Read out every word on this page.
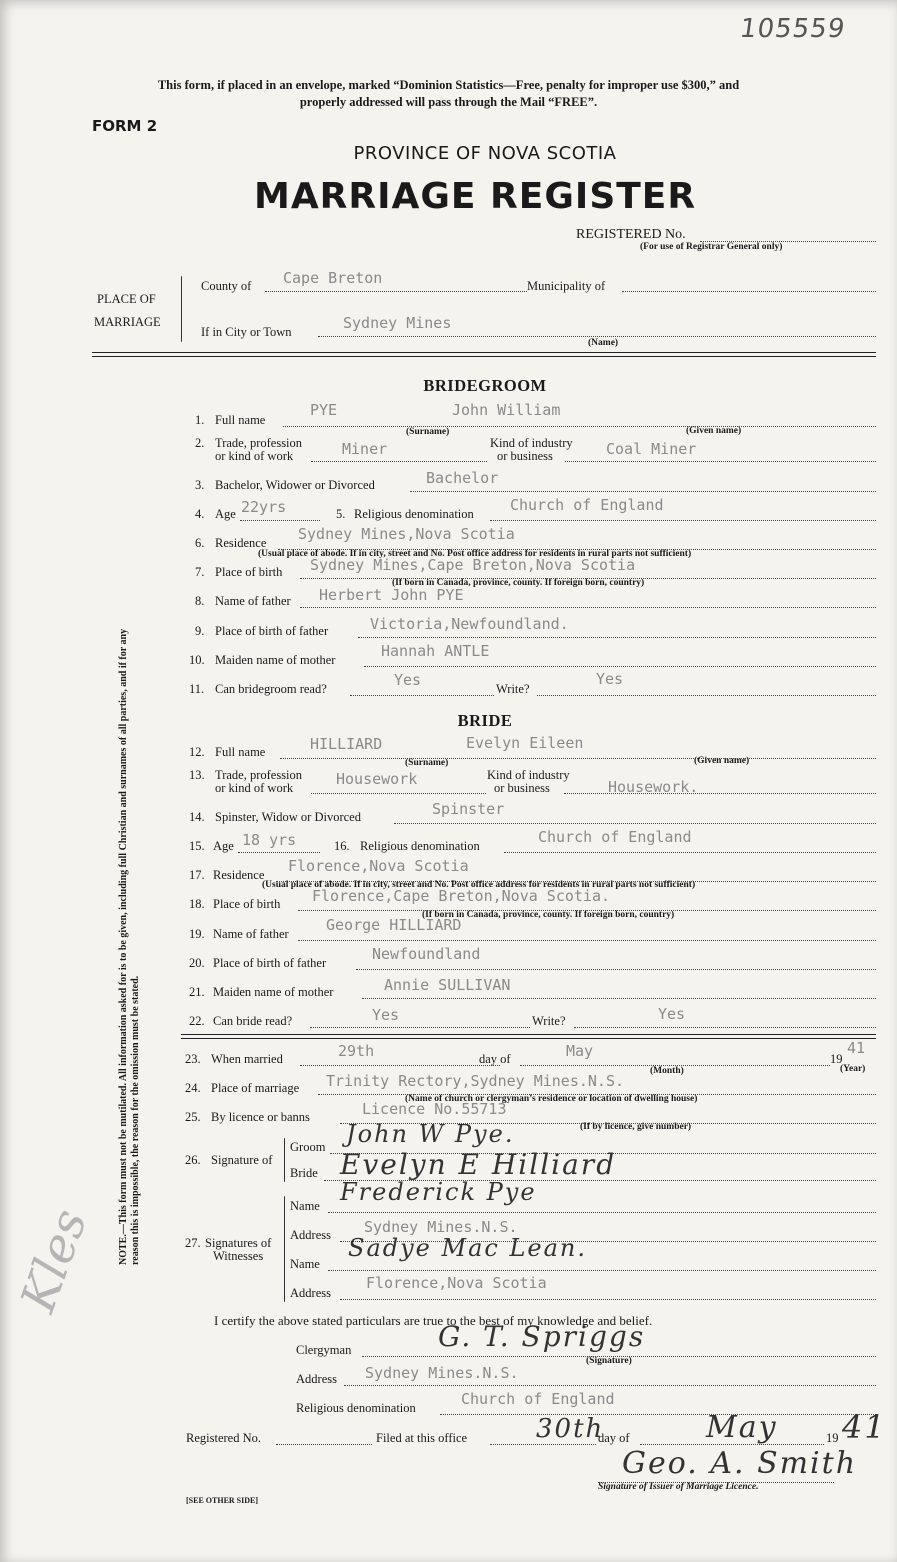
105559
This form, if placed in an envelope, marked “Dominion Statistics—Free, penalty for improper use $300,” and
properly addressed will pass through the Mail “FREE”.
FORM 2
PROVINCE OF NOVA SCOTIA
MARRIAGE REGISTER
REGISTERED No.
(For use of Registrar General only)
PLACE OF
MARRIAGE
County of Cape Breton	Municipality of
If in City or Town	Sydney Mines
(Name)
BRIDEGROOM
1. Full name
PYE	John William
(Surname)	(Given name)
2. Trade, profession
or kind of work	Miner	Kind of industry
or business	Coal Miner
3. Bachelor, Widower or Divorced	Bachelor
4. Age 22yrs	5. Religious denomination Church of England
6. Residence Sydney Mines,Nova Scotia
(Usual place of abode. If in city, street and No. Post office address for residents in rural parts not sufficient)
7. Place of birth Sydney Mines,Cape Breton,Nova Scotia
(If born in Canada, province, county. If foreign born, country)
8. Name of father Herbert John PYE
9. Place of birth of father	Victoria,Newfoundland.
10. Maiden name of mother	Hannah ANTLE
11. Can bridegroom read?	Yes	Write?
Yes
BRIDE
12. Full name	HILLIARD	Evelyn Eileen
(Surname)	(Given name)
13. Trade, profession
or kind of work	Housework	Kind of industry
or business	Housework.
14. Spinster, Widow or Divorced	Spinster
15. Age 18 yrs	16. Religious denomination	Church of England
17. Residence Florence,Nova Scotia
(Usual place of abode. If in city, street and No. Post office address for residents in rural parts not sufficient)
18. Place of birth Florence,Cape Breton,Nova Scotia.
(If born in Canada, province, county. If foreign born, country)
19. Name of father George HILLIARD
20. Place of birth of father	Newfoundland
21. Maiden name of mother	Annie SULLIVAN
22. Can bride read?	Yes	Write?	Yes
23. When married	29th	day of	May
(Month)
19
41
(Year)
24. Place of marriage Trinity Rectory,Sydney Mines.N.S.
(Name of church or clergyman’s residence or location of dwelling house)
25. By licence or banns	Licence No.55713
(If by licence, give number)
26. Signature of
Groom John W Pye.
Bride Evelyn E Hilliard
27. Signatures of
Witnesses
Name Frederick Pye
Address Sydney Mines.N.S.
Name
Sadye Mac Lean.
Address
Florence,Nova Scotia
I certify the above stated particulars are true to the best of my knowledge and belief.
Clergyman	G. T. Spriggs
(Signature)
Address Sydney Mines.N.S.
Religious denomination	Church of England
Registered No.	Filed at this office	30th
day of	May	19 41
Geo. A. Smith
Signature of Issuer of Marriage Licence.
[SEE OTHER SIDE]
NOTE.—This form must not be mutilated. All information asked for is to be given, including full Christian and surnames of all parties, and if for any reason this is impossible, the reason for the omission must be stated.
Kles
